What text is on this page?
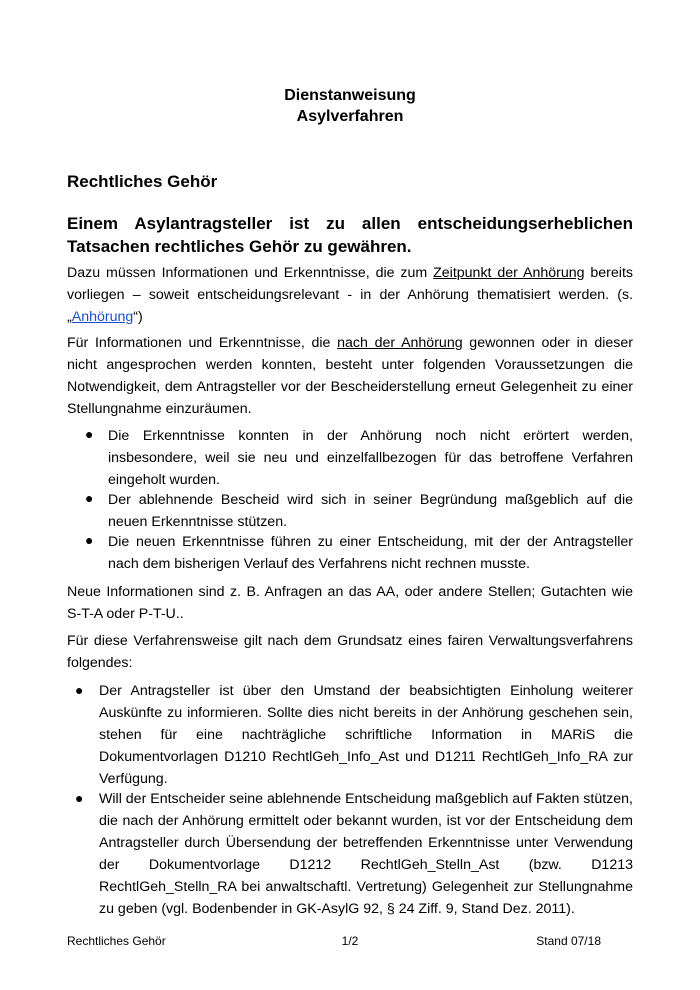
Dienstanweisung
Asylverfahren
Rechtliches Gehör
Einem Asylantragsteller ist zu allen entscheidungserheblichen Tatsachen rechtliches Gehör zu gewähren.
Dazu müssen Informationen und Erkenntnisse, die zum Zeitpunkt der Anhörung bereits
vorliegen – soweit entscheidungsrelevant - in der Anhörung thematisiert werden. (s.
„Anhörung“)
Für Informationen und Erkenntnisse, die nach der Anhörung gewonnen oder in dieser
nicht angesprochen werden konnten, besteht unter folgenden Voraussetzungen die
Notwendigkeit, dem Antragsteller vor der Bescheiderstellung erneut Gelegenheit zu einer
Stellungnahme einzuräumen.
● Die Erkenntnisse konnten in der Anhörung noch nicht erörtert werden,
insbesondere, weil sie neu und einzelfallbezogen für das betroffene Verfahren
eingeholt wurden.
● Der ablehnende Bescheid wird sich in seiner Begründung maßgeblich auf die
neuen Erkenntnisse stützen.
● Die neuen Erkenntnisse führen zu einer Entscheidung, mit der der Antragsteller
nach dem bisherigen Verlauf des Verfahrens nicht rechnen musste.
Neue Informationen sind z. B. Anfragen an das AA, oder andere Stellen; Gutachten wie
S-T-A oder P-T-U..
Für diese Verfahrensweise gilt nach dem Grundsatz eines fairen Verwaltungsverfahrens
folgendes:
● Der Antragsteller ist über den Umstand der beabsichtigten Einholung weiterer
Auskünfte zu informieren. Sollte dies nicht bereits in der Anhörung geschehen sein,
stehen für eine nachträgliche schriftliche Information in MARiS die
Dokumentvorlagen D1210 RechtlGeh_Info_Ast und D1211 RechtlGeh_Info_RA zur
Verfügung.
● Will der Entscheider seine ablehnende Entscheidung maßgeblich auf Fakten stützen,
die nach der Anhörung ermittelt oder bekannt wurden, ist vor der Entscheidung dem
Antragsteller durch Übersendung der betreffenden Erkenntnisse unter Verwendung
der Dokumentvorlage D1212 RechtlGeh_Stelln_Ast (bzw. D1213
RechtlGeh_Stelln_RA bei anwaltschaftl. Vertretung) Gelegenheit zur Stellungnahme
zu geben (vgl. Bodenbender in GK-AsylG 92, § 24 Ziff. 9, Stand Dez. 2011).
Rechtliches Gehör	1/2	Stand 07/18
